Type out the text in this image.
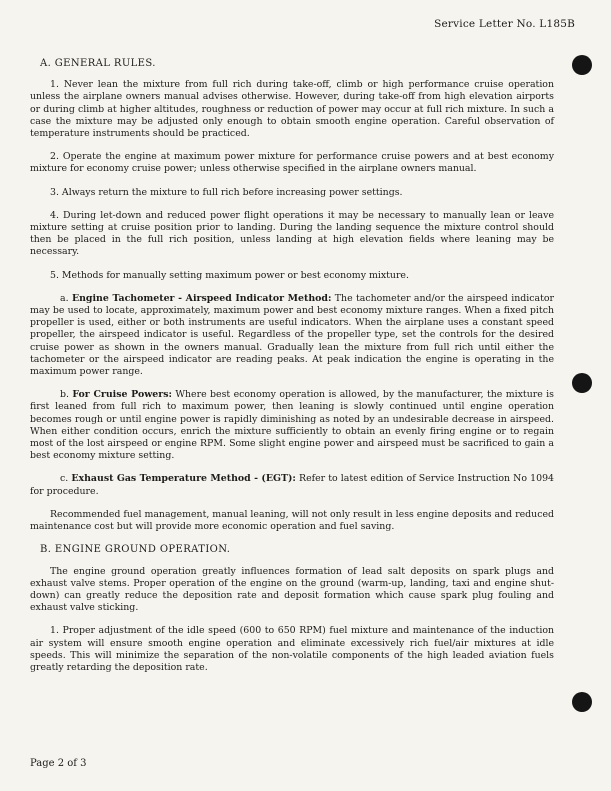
Service Letter No. L185B
A. GENERAL RULES.

1. Never lean the mixture from full rich during take-off, climb or high performance cruise operation unless the airplane owners manual advises otherwise. However, during take-off from high elevation airports or during climb at higher altitudes, roughness or reduction of power may occur at full rich mixture. In such a case the mixture may be adjusted only enough to obtain smooth engine operation. Careful observation of temperature instruments should be practiced.

2. Operate the engine at maximum power mixture for performance cruise powers and at best economy mixture for economy cruise power; unless otherwise specified in the airplane owners manual.

3. Always return the mixture to full rich before increasing power settings.

4. During let-down and reduced power flight operations it may be necessary to manually lean or leave mixture setting at cruise position prior to landing. During the landing sequence the mixture control should then be placed in the full rich position, unless landing at high elevation fields where leaning may be necessary.

5. Methods for manually setting maximum power or best economy mixture.

a. Engine Tachometer - Airspeed Indicator Method: The tachometer and/or the airspeed indicator may be used to locate, approximately, maximum power and best economy mixture ranges. When a fixed pitch propeller is used, either or both instruments are useful indicators. When the airplane uses a constant speed propeller, the airspeed indicator is useful. Regardless of the propeller type, set the controls for the desired cruise power as shown in the owners manual. Gradually lean the mixture from full rich until either the tachometer or the airspeed indicator are reading peaks. At peak indication the engine is operating in the maximum power range.

b. For Cruise Powers: Where best economy operation is allowed, by the manufacturer, the mixture is first leaned from full rich to maximum power, then leaning is slowly continued until engine operation becomes rough or until engine power is rapidly diminishing as noted by an undesirable decrease in airspeed. When either condition occurs, enrich the mixture sufficiently to obtain an evenly firing engine or to regain most of the lost airspeed or engine RPM. Some slight engine power and airspeed must be sacrificed to gain a best economy mixture setting.

c. Exhaust Gas Temperature Method - (EGT): Refer to latest edition of Service Instruction No 1094 for procedure.

Recommended fuel management, manual leaning, will not only result in less engine deposits and reduced maintenance cost but will provide more economic operation and fuel saving.

B. ENGINE GROUND OPERATION.

The engine ground operation greatly influences formation of lead salt deposits on spark plugs and exhaust valve stems. Proper operation of the engine on the ground (warm-up, landing, taxi and engine shut-down) can greatly reduce the deposition rate and deposit formation which cause spark plug fouling and exhaust valve sticking.

1. Proper adjustment of the idle speed (600 to 650 RPM) fuel mixture and maintenance of the induction air system will ensure smooth engine operation and eliminate excessively rich fuel/air mixtures at idle speeds. This will minimize the separation of the non-volatile components of the high leaded aviation fuels greatly retarding the deposition rate.

Page 2 of 3
